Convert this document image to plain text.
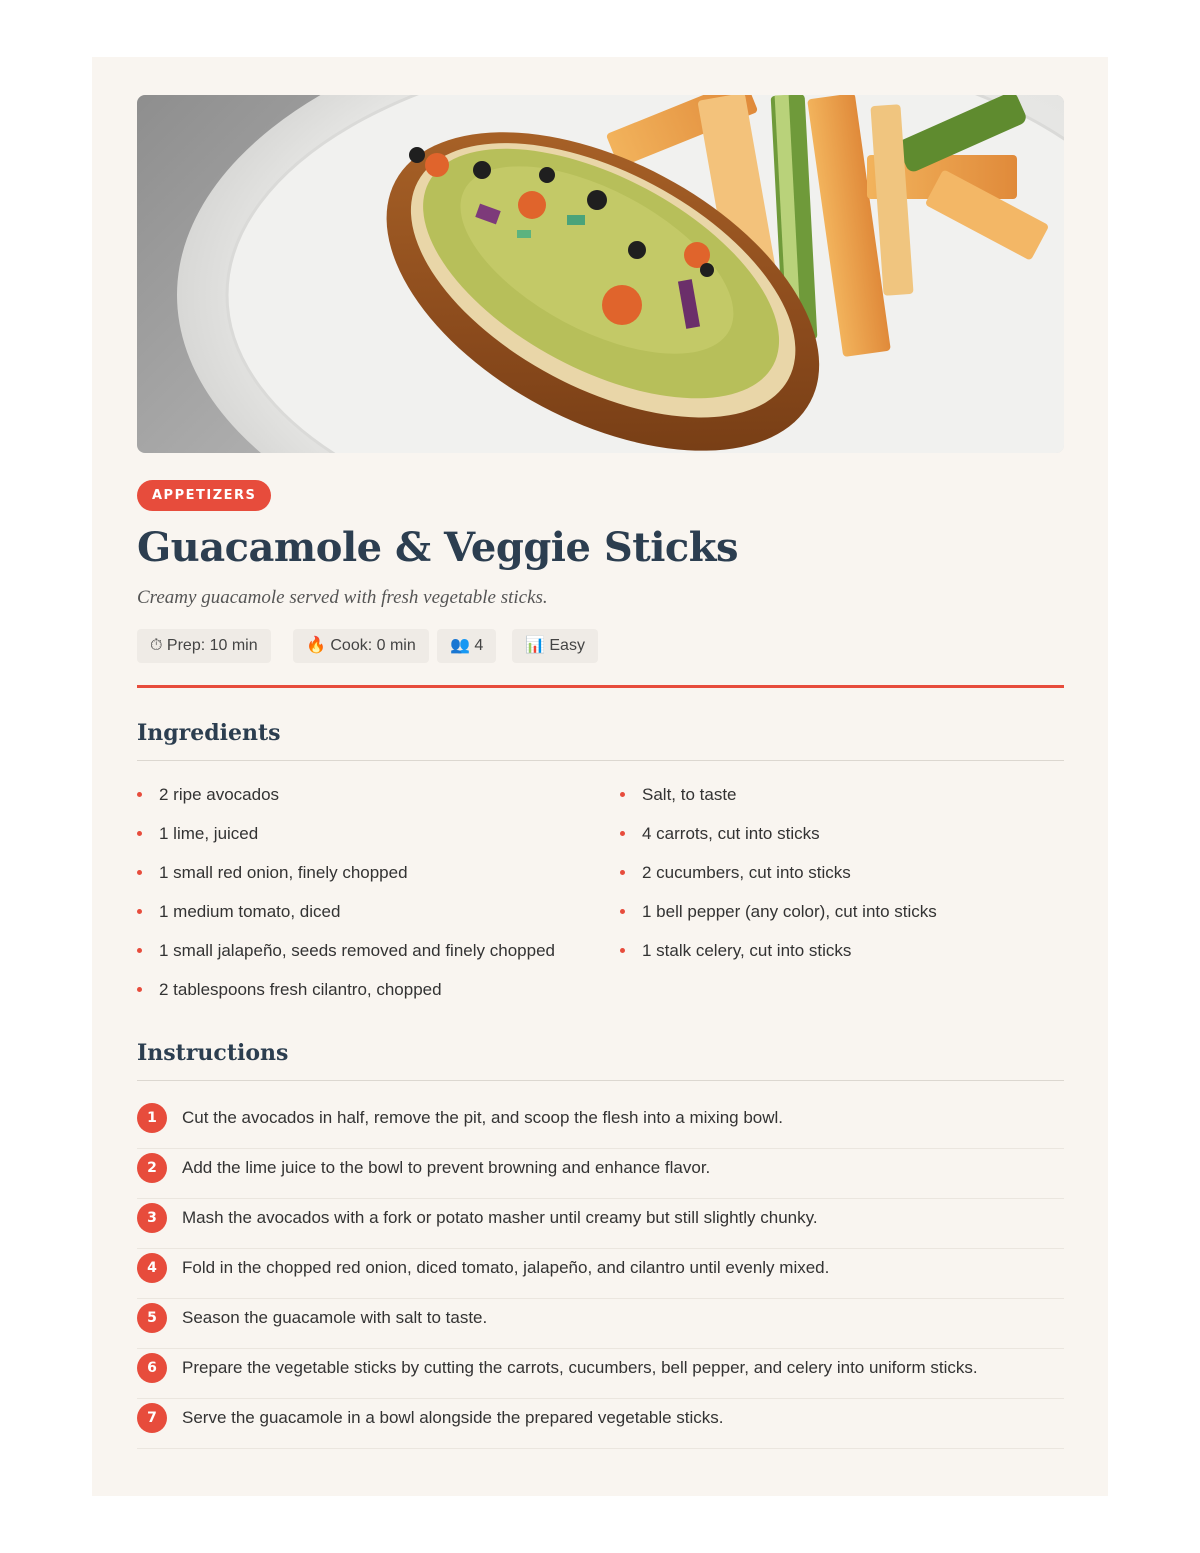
APPETIZERS
Guacamole & Veggie Sticks
Creamy guacamole served with fresh vegetable sticks.
⏱ Prep: 10 min	🔥 Cook: 0 min	👥 4	📊 Easy
Ingredients
2 ripe avocados
1 lime, juiced
1 small red onion, finely chopped
1 medium tomato, diced
1 small jalapeño, seeds removed and finely chopped
2 tablespoons fresh cilantro, chopped
Salt, to taste
4 carrots, cut into sticks
2 cucumbers, cut into sticks
1 bell pepper (any color), cut into sticks
1 stalk celery, cut into sticks
Instructions
1	Cut the avocados in half, remove the pit, and scoop the flesh into a mixing bowl.
2	Add the lime juice to the bowl to prevent browning and enhance flavor.
3	Mash the avocados with a fork or potato masher until creamy but still slightly chunky.
4	Fold in the chopped red onion, diced tomato, jalapeño, and cilantro until evenly mixed.
5	Season the guacamole with salt to taste.
6	Prepare the vegetable sticks by cutting the carrots, cucumbers, bell pepper, and celery into uniform sticks.
7	Serve the guacamole in a bowl alongside the prepared vegetable sticks.
